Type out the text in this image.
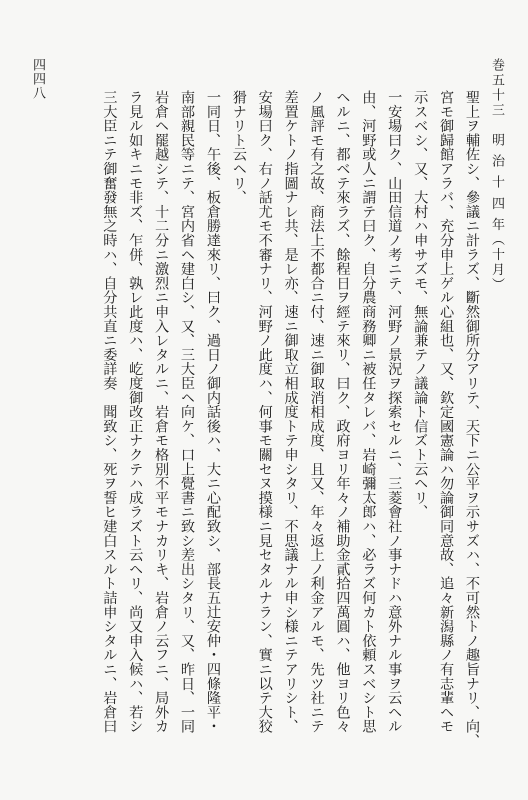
巻五十三　明 治 十 四 年（十月）
四四八
聖上ヲ輔佐シ、參議ニ計ラズ、斷然御所分アリテ、天下ニ公平ヲ示サズハ、不可然トノ趣旨ナリ、向、
宮モ御歸館アラバ、充分申上ゲル心組也、又、欽定國憲論ハ勿論御同意故、追々新潟縣ノ有志輩ヘモ
示スベシ、又、大村ハ申サズモ、無論兼テノ議論ト信ズト云ヘリ、
一安場曰ク、山田信道ノ考ニテ、河野ノ景況ヲ探索セルニ、三菱會社ノ事ナドハ意外ナル事ヲ云ヘル
由、河野或人ニ謂テ曰ク、自分農商務卿ニ被任タレバ、岩崎彌太郎ハ、必ラズ何カト依頼スベシト思
ヘルニ、都ベテ來ラズ、餘程日ヲ經テ來リ、曰ク、政府ヨリ年々ノ補助金貳拾四萬圓ハ、他ヨリ色々
ノ風評モ有之故、商法上不都合ニ付、速ニ御取消相成度、且又、年々返上ノ利金アルモ、先ツ社ニテ
差置ケトノ指圖ナレ共、是レ亦、速ニ御取立相成度トテ申シタリ、不思議ナル申シ様ニテアリシト、
安場曰ク、右ノ話尤モ不審ナリ、河野ノ此度ハ、何事モ關セヌ摸様ニ見セタルナラン、實ニ以テ大狡
猾ナリト云ヘリ、
一同日、午後、板倉勝達來リ、曰ク、過日ノ御内話後ハ、大ニ心配致シ、部長五辻安仲・四條隆平・
南部親民等ニテ、宮内省ヘ建白シ、又、三大臣ヘ向ケ、口上覺書ニ致シ差出シタリ、又、昨日、一同
岩倉ヘ罷越シテ、十二分ニ激烈ニ申入レタルニ、岩倉モ格別不平モナカリキ、岩倉ノ云フニ、局外カ
ラ見ル如キニモ非ズ、乍併、孰レ此度ハ、屹度御改正ナクテハ成ラズト云ヘリ、尚又申入候ハ、若シ
三大臣ニテ御奮發無之時ハ、自分共直ニ委詳奏　聞致シ、死ヲ誓ヒ建白スルト詰申シタルニ、岩倉曰
